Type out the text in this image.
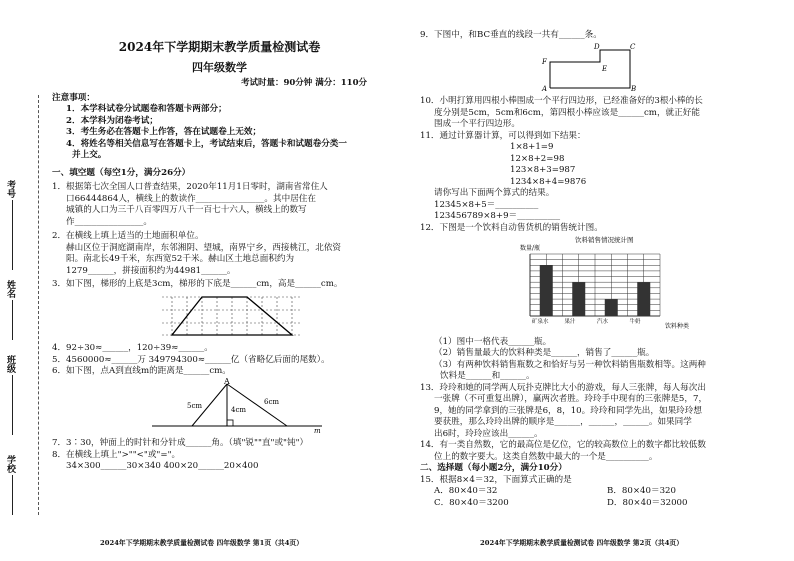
考号
姓名
班级
学校
2024年下学期期末教学质量检测试卷
四年级数学
考试时量：90分钟 满分：110分
注意事项：
1．本学科试卷分试题卷和答题卡两部分；
2．本学科为闭卷考试；
3．考生务必在答题卡上作答，答在试题卷上无效；
4．将姓名等相关信息写在答题卡上，考试结束后，答题卡和试题卷分类一
并上交。
一、填空题（每空1分，满分26分）
1．根据第七次全国人口普查结果，2020年11月1日零时，湖南省常住人
口66444864人，横线上的数读作________________。其中居住在
城镇的人口为三千八百零四万八千一百七十六人，横线上的数写
作________________。
2．在横线上填上适当的土地面积单位。
赫山区位于洞庭湖南岸，东邻湘阴、望城，南界宁乡，西接桃江，北依资
阳。南北长49千米，东西宽52千米。赫山区土地总面积约为
1279______，拼接面积约为44981______。
3．如下图，梯形的上底是3cm，梯形的下底是______cm，高是______cm。
4．92÷30≈______，120÷39≈______。
5．4560000≈______万 349794300≈______亿（省略亿后面的尾数）。
6．如下图，点A到直线m的距离是______cm。
A
5cm	4cm
6cm
m
7．3∶30，钟面上的时针和分针成______角。（填"锐""直"或"钝"）
8．在横线上填上">""<"或"="。
34×300______30×340 400×20______20×400
2024年下学期期末教学质量检测试卷 四年级数学 第1页（共4页）
9．下图中，和BC垂直的线段一共有______条。
A	B
C
D
E
F
10．小明打算用四根小棒围成一个平行四边形，已经准备好的3根小棒的长
度分别是5cm，5cm和6cm，第四根小棒应该是______cm，就正好能
围成一个平行四边形。
11．通过计算器计算，可以得到如下结果：
1×8+1=9
12×8+2=98
123×8+3=987
1234×8+4=9876
请你写出下面两个算式的结果。
12345×8+5＝__________
123456789×8+9＝__________
12．下图是一个饮料自动售货机的销售统计图。
饮料销售情况统计图
数量/瓶
饮料种类
矿泉水	果汁	汽水	牛奶
（1）图中一格代表______瓶。
（2）销售量最大的饮料种类是______，销售了______瓶。
（3）有两种饮料销售瓶数之和恰好与另一种饮料销售瓶数相等。这两种
饮料是______和______。
13．玲玲和她的同学两人玩扑克牌比大小的游戏，每人三张牌，每人每次出
一张牌（不可重复出牌），赢两次者胜。玲玲手中现有的三张牌是5，7，
9，她的同学拿到的三张牌是6，8，10。玲玲和同学先出，如果玲玲想
要获胜，那么玲玲出牌的顺序是______，______，______。如果同学
出6时，玲玲应该出______。
14．有一类自然数，它的最高位是亿位，它的较高数位上的数字都比较低数
位上的数字要大。这类自然数中最大的一个是__________。
二、选择题（每小题2分，满分10分）
15．根据8×4＝32，下面算式正确的是
A．80×40＝32	B．80×40＝320
C．80×40＝3200	D．80×40＝32000
2024年下学期期末教学质量检测试卷 四年级数学 第2页（共4页）
